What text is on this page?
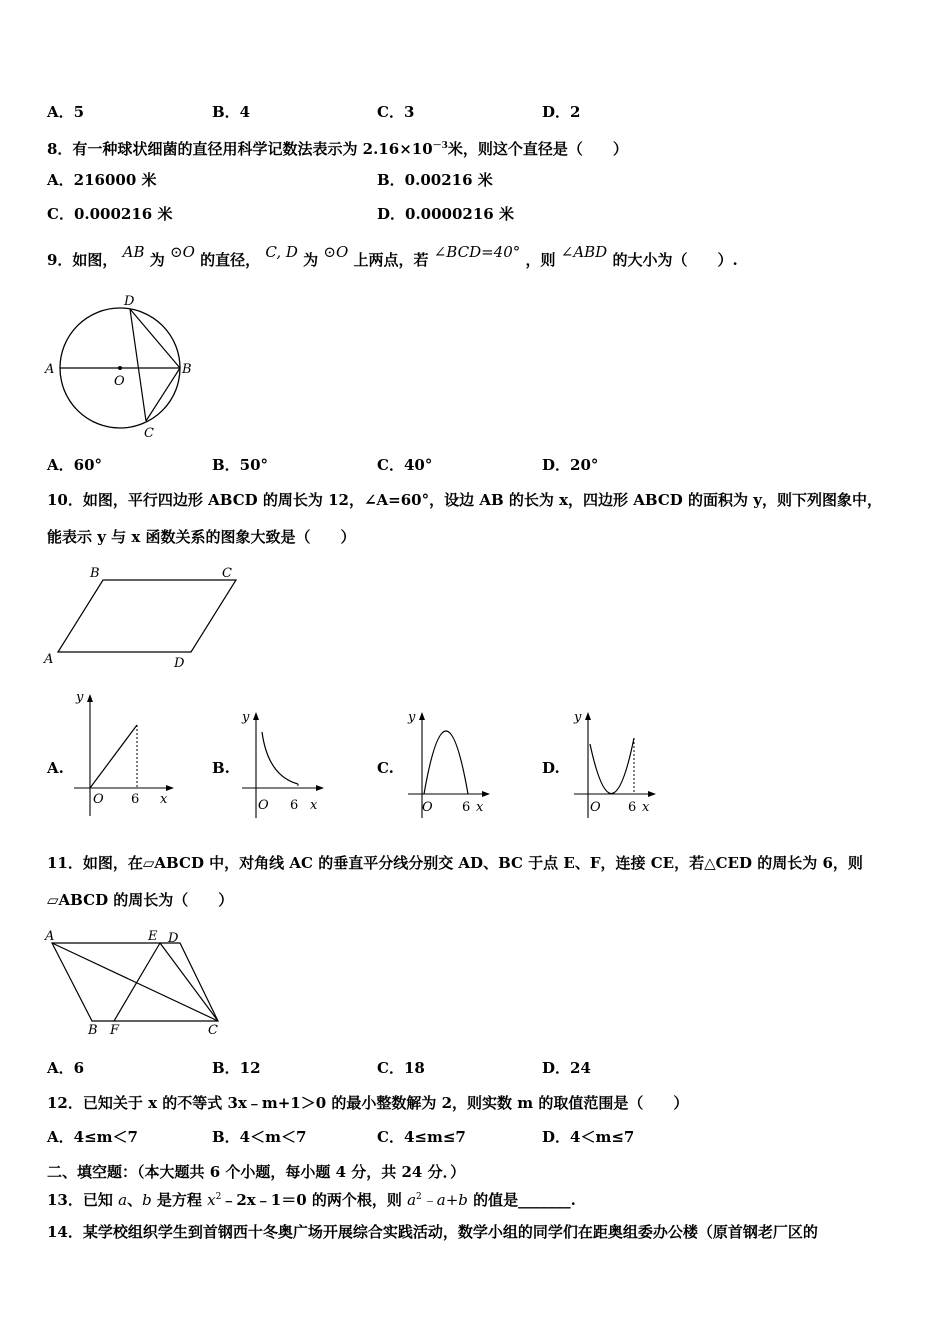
A．5	B．4	C．3	D．2
8．有一种球状细菌的直径用科学记数法表示为 $2.16\times 10^{-3}$米，则这个直径是（　　）
A．216000 米	B．0.00216 米
C．0.000216 米	D．0.0000216 米
9．如图， AB 为 ⊙O 的直径， C, D 为 ⊙O 上两点，若 ∠BCD=40° ，则 ∠ABD 的大小为（　　）.
A	B
C
D
O
A．60°	B．50°	C．40°	D．20°
10．如图，平行四边形 ABCD 的周长为 12，∠A=60°，设边 AB 的长为 x，四边形 ABCD 的面积为 y，则下列图象中，
能表示 y 与 x 函数关系的图象大致是（　　）
B	C
A	D
A.
y
O 6 x
B.
y
O 6 x
C.
y
O 6 x
D.
y
O 6 x
11．如图，在▱ABCD 中，对角线 AC 的垂直平分线分别交 AD、BC 于点 E、F，连接 CE，若△CED 的周长为 6，则
▱ABCD 的周长为（　　）
A	E D
B F	C
A．6	B．12	C．18	D．24
12．已知关于 x 的不等式 3x﹣m+1＞0 的最小整数解为 2，则实数 m 的取值范围是（　　）
A．4≤m＜7	B．4＜m＜7	C．4≤m≤7	D．4＜m≤7
二、填空题：（本大题共 6 个小题，每小题 4 分，共 24 分．）
13．已知 a、b 是方程 $x^2﹣2x﹣1=0$ 的两个根，则 $a^2﹣a+b$ 的值是_______.
14．某学校组织学生到首钢西十冬奥广场开展综合实践活动，数学小组的同学们在距奥组委办公楼（原首钢老厂区的
